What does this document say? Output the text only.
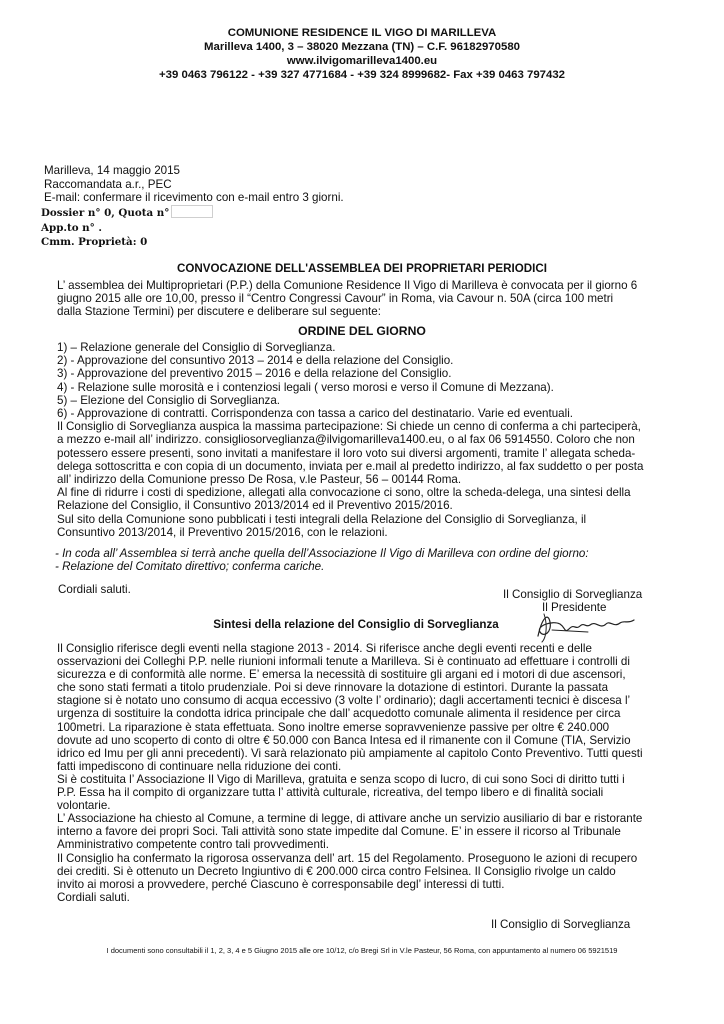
COMUNIONE RESIDENCE IL VIGO DI MARILLEVA
Marilleva 1400, 3 – 38020 Mezzana (TN) – C.F. 96182970580
www.ilvigomarilleva1400.eu
+39 0463 796122 - +39 327 4771684 - +39 324 8999682- Fax +39 0463 797432
Marilleva, 14 maggio 2015
Raccomandata a.r., PEC
E-mail: confermare il ricevimento con e-mail entro 3 giorni.
Dossier n° 0, Quota n°
App.to n° .
Cmm. Proprietà: 0
CONVOCAZIONE DELL'ASSEMBLEA DEI PROPRIETARI PERIODICI
L’ assemblea dei Multiproprietari (P.P.) della Comunione Residence Il Vigo di Marilleva è convocata per il giorno 6
giugno 2015 alle ore 10,00, presso il “Centro Congressi Cavour” in Roma, via Cavour n. 50A (circa 100 metri
dalla Stazione Termini) per discutere e deliberare sul seguente:
ORDINE DEL GIORNO
1) – Relazione generale del Consiglio di Sorveglianza.
2) - Approvazione del consuntivo 2013 – 2014 e della relazione del Consiglio.
3) - Approvazione del preventivo 2015 – 2016 e della relazione del Consiglio.
4) - Relazione sulle morosità e i contenziosi legali ( verso morosi e verso il Comune di Mezzana).
5) – Elezione del Consiglio di Sorveglianza.
6) - Approvazione di contratti. Corrispondenza con tassa a carico del destinatario. Varie ed eventuali.
Il Consiglio di Sorveglianza auspica la massima partecipazione: Si chiede un cenno di conferma a chi parteciperà,
a mezzo e-mail all’ indirizzo. consigliosorveglianza@ilvigomarilleva1400.eu, o al fax 06 5914550. Coloro che non
potessero essere presenti, sono invitati a manifestare il loro voto sui diversi argomenti, tramite l’ allegata scheda-
delega sottoscritta e con copia di un documento, inviata per e.mail al predetto indirizzo, al fax suddetto o per posta
all’ indirizzo della Comunione presso De Rosa, v.le Pasteur, 56 – 00144 Roma.
Al fine di ridurre i costi di spedizione, allegati alla convocazione ci sono, oltre la scheda-delega, una sintesi della
Relazione del Consiglio, il Consuntivo 2013/2014 ed il Preventivo 2015/2016.
Sul sito della Comunione sono pubblicati i testi integrali della Relazione del Consiglio di Sorveglianza, il
Consuntivo 2013/2014, il Preventivo 2015/2016, con le relazioni.
- In coda all’ Assemblea si terrà anche quella dell’Associazione Il Vigo di Marilleva con ordine del giorno:
- Relazione del Comitato direttivo; conferma cariche.
Cordiali saluti.	Il Consiglio di Sorveglianza
Il Presidente
Sintesi della relazione del Consiglio di Sorveglianza
Il Consiglio riferisce degli eventi nella stagione 2013 - 2014. Si riferisce anche degli eventi recenti e delle
osservazioni dei Colleghi P.P. nelle riunioni informali tenute a Marilleva. Si è continuato ad effettuare i controlli di
sicurezza e di conformità alle norme. E’ emersa la necessità di sostituire gli argani ed i motori di due ascensori,
che sono stati fermati a titolo prudenziale. Poi si deve rinnovare la dotazione di estintori. Durante la passata
stagione si è notato uno consumo di acqua eccessivo (3 volte l’ ordinario); dagli accertamenti tecnici è discesa l’
urgenza di sostituire la condotta idrica principale che dall’ acquedotto comunale alimenta il residence per circa
100metri. La riparazione è stata effettuata. Sono inoltre emerse sopravvenienze passive per oltre € 240.000
dovute ad uno scoperto di conto di oltre € 50.000 con Banca Intesa ed il rimanente con il Comune (TIA, Servizio
idrico ed Imu per gli anni precedenti). Vi sarà relazionato più ampiamente al capitolo Conto Preventivo. Tutti questi
fatti impediscono di continuare nella riduzione dei conti.
Si è costituita l’ Associazione Il Vigo di Marilleva, gratuita e senza scopo di lucro, di cui sono Soci di diritto tutti i
P.P. Essa ha il compito di organizzare tutta l’ attività culturale, ricreativa, del tempo libero e di finalità sociali
volontarie.
L’ Associazione ha chiesto al Comune, a termine di legge, di attivare anche un servizio ausiliario di bar e ristorante
interno a favore dei propri Soci. Tali attività sono state impedite dal Comune. E’ in essere il ricorso al Tribunale
Amministrativo competente contro tali provvedimenti.
Il Consiglio ha confermato la rigorosa osservanza dell’ art. 15 del Regolamento. Proseguono le azioni di recupero
dei crediti. Si è ottenuto un Decreto Ingiuntivo di € 200.000 circa contro Felsinea. Il Consiglio rivolge un caldo
invito ai morosi a provvedere, perché Ciascuno è corresponsabile degl’ interessi di tutti.
Cordiali saluti.
Il Consiglio di Sorveglianza
I documenti sono consultabili il 1, 2, 3, 4 e 5 Giugno 2015 alle ore 10/12, c/o Bregi Srl in V.le Pasteur, 56 Roma, con appuntamento al numero 06 5921519
